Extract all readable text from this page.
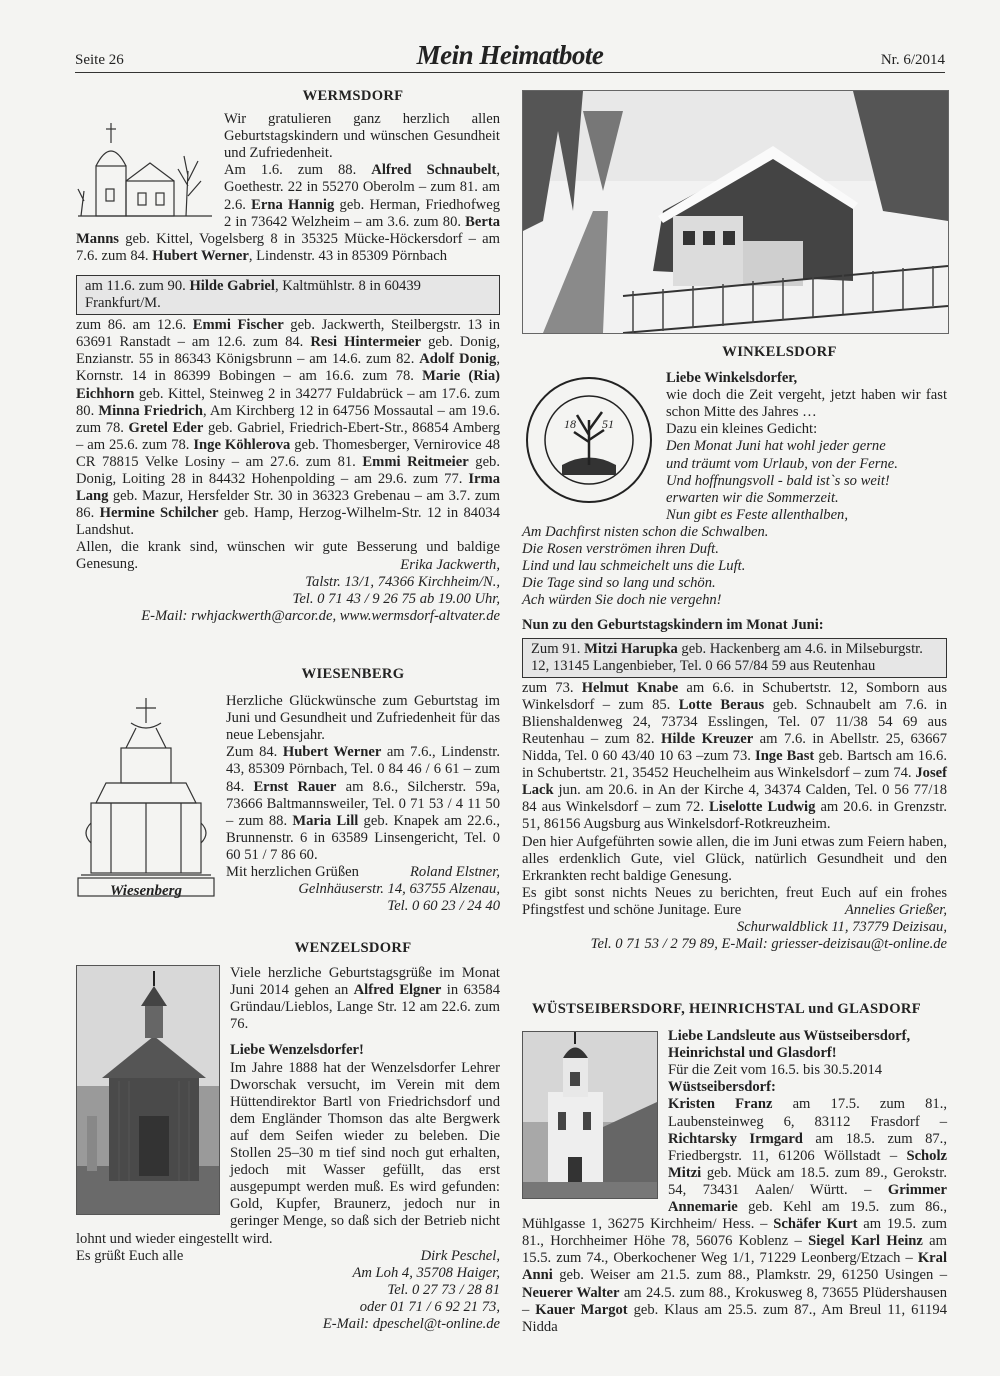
Seite 26	Mein Heimatbote	Nr. 6/2014

WERMSDORF

Wir gratulieren ganz herzlich allen Geburtstagskindern und wünschen Gesundheit und Zufriedenheit.

Am 1.6. zum 88. Alfred Schnaubelt, Goethestr. 22 in 55270 Oberolm – zum 81. am 2.6. Erna Hannig geb. Herman, Friedhofweg 2 in 73642 Welzheim – am 3.6. zum 80. Berta Manns geb. Kittel, Vogelsberg 8 in 35325 Mücke-Höckersdorf – am 7.6. zum 84. Hubert Werner, Lindenstr. 43 in 85309 Pörnbach

am 11.6. zum 90. Hilde Gabriel, Kaltmühlstr. 8 in 60439 Frankfurt/M.

zum 86. am 12.6. Emmi Fischer geb. Jackwerth, Steilbergstr. 13 in 63691 Ranstadt – am 12.6. zum 84. Resi Hintermeier geb. Donig, Enzianstr. 55 in 86343 Königsbrunn – am 14.6. zum 82. Adolf Donig, Kornstr. 14 in 86399 Bobingen – am 16.6. zum 78. Marie (Ria) Eichhorn geb. Kittel, Steinweg 2 in 34277 Fuldabrück – am 17.6. zum 80. Minna Friedrich, Am Kirchberg 12 in 64756 Mossautal – am 19.6. zum 78. Gretel Eder geb. Gabriel, Friedrich-Ebert-Str., 86854 Amberg – am 25.6. zum 78. Inge Köhlerova geb. Thomesberger, Vernirovice 48 CR 78815 Velke Losiny – am 27.6. zum 81. Emmi Reitmeier geb. Donig, Loiting 28 in 84432 Hohenpolding – am 29.6. zum 77. Irma Lang geb. Mazur, Hersfelder Str. 30 in 36323 Grebenau – am 3.7. zum 86. Hermine Schilcher geb. Hamp, Herzog-Wilhelm-Str. 12 in 84034 Landshut.

Allen, die krank sind, wünschen wir gute Besserung und baldige Genesung.	Erika Jackwerth,
Talstr. 13/1, 74366 Kirchheim/N.,
Tel. 0 71 43 / 9 26 75 ab 19.00 Uhr,
E-Mail: rwhjackwerth@arcor.de, www.wermsdorf-altvater.de

WIESENBERG

Wiesenberg

Herzliche Glückwünsche zum Geburtstag im Juni und Gesundheit und Zufriedenheit für das neue Lebensjahr.

Zum 84. Hubert Werner am 7.6., Lindenstr. 43, 85309 Pörnbach, Tel. 0 84 46 / 6 61 – zum 84. Ernst Rauer am 8.6., Silcherstr. 59a, 73666 Baltmannsweiler, Tel. 0 71 53 / 4 11 50 – zum 88. Maria Lill geb. Knapek am 22.6., Brunnenstr. 6 in 63589 Linsengericht, Tel. 0 60 51 / 7 86 60.

Mit herzlichen Grüßen	Roland Elstner,

Gelnhäuserstr. 14, 63755 Alzenau,
Tel. 0 60 23 / 24 40

WENZELSDORF

Viele herzliche Geburtstagsgrüße im Monat Juni 2014 gehen an Alfred Elgner in 63584 Gründau/Lieblos, Lange Str. 12 am 22.6. zum 76.

Liebe Wenzelsdorfer!

Im Jahre 1888 hat der Wenzelsdorfer Lehrer Dworschak versucht, im Verein mit dem Hüttendirektor Bartl von Friedrichsdorf und dem Engländer Thomson das alte Bergwerk auf dem Seifen wieder zu beleben. Die Stollen 25–30 m tief sind noch gut erhalten, jedoch mit Wasser gefüllt, das erst ausgepumpt werden muß. Es wird gefunden: Gold, Kupfer, Braunerz, jedoch nur in geringer Menge, so daß sich der Betrieb nicht lohnt und wieder eingestellt wird.

Es grüßt Euch alle	Dirk Peschel,

Am Loh 4, 35708 Haiger,
Tel. 0 27 73 / 28 81
oder 01 71 / 6 92 21 73,
E-Mail: dpeschel@t-online.de

WINKELSDORF

18 51

Liebe Winkelsdorfer,

wie doch die Zeit vergeht, jetzt haben wir fast schon Mitte des Jahres …

Dazu ein kleines Gedicht:

Den Monat Juni hat wohl jeder gerne
und träumt vom Urlaub, von der Ferne.
Und hoffnungsvoll - bald ist`s so weit!
erwarten wir die Sommerzeit.
Nun gibt es Feste allenthalben,
Am Dachfirst nisten schon die Schwalben.
Die Rosen verströmen ihren Duft.
Lind und lau schmeichelt uns die Luft.
Die Tage sind so lang und schön.
Ach würden Sie doch nie vergehn!

Nun zu den Geburtstagskindern im Monat Juni:

Zum 91. Mitzi Harupka geb. Hackenberg am 4.6. in Milseburgstr. 12, 13145 Langenbieber, Tel. 0 66 57/84 59 aus Reutenhau

zum 73. Helmut Knabe am 6.6. in Schubertstr. 12, Somborn aus Winkelsdorf – zum 85. Lotte Beraus geb. Schnaubelt am 7.6. in Blienshaldenweg 24, 73734 Esslingen, Tel. 07 11/38 54 69 aus Reutenhau – zum 82. Hilde Kreuzer am 7.6. in Abellstr. 25, 63667 Nidda, Tel. 0 60 43/40 10 63 –zum 73. Inge Bast geb. Bartsch am 16.6. in Schubertstr. 21, 35452 Heuchelheim aus Winkelsdorf – zum 74. Josef Lack jun. am 20.6. in An der Kirche 4, 34374 Calden, Tel. 0 56 77/18 84 aus Winkelsdorf – zum 72. Liselotte Ludwig am 20.6. in Grenzstr. 51, 86156 Augsburg aus Winkelsdorf-Rotkreuzheim.

Den hier Aufgeführten sowie allen, die im Juni etwas zum Feiern haben, alles erdenklich Gute, viel Glück, natürlich Gesundheit und den Erkrankten recht baldige Genesung.

Es gibt sonst nichts Neues zu berichten, freut Euch auf ein frohes Pfingstfest und schöne Junitage. Eure	Annelies Grießer,
Schurwaldblick 11, 73779 Deizisau,
Tel. 0 71 53 / 2 79 89, E-Mail: griesser-deizisau@t-online.de

WÜSTSEIBERSDORF, HEINRICHSTAL und GLASDORF

Liebe Landsleute aus Wüstseibersdorf, Heinrichstal und Glasdorf!

Für die Zeit vom 16.5. bis 30.5.2014

Wüstseibersdorf:

Kristen Franz am 17.5. zum 81., Laubensteinweg 6, 83112 Frasdorf – Richtarsky Irmgard am 18.5. zum 87., Friedbergstr. 11, 61206 Wöllstadt – Scholz Mitzi geb. Mück am 18.5. zum 89., Gerokstr. 54, 73431 Aalen/ Württ. – Grimmer Annemarie geb. Kehl am 19.5. zum 86., Mühlgasse 1, 36275 Kirchheim/ Hess. – Schäfer Kurt am 19.5. zum 81., Horchheimer Höhe 78, 56076 Koblenz – Siegel Karl Heinz am 15.5. zum 74., Oberkochener Weg 1/1, 71229 Leonberg/Etzach – Kral Anni geb. Weiser am 21.5. zum 88., Plamkstr. 29, 61250 Usingen – Neuerer Walter am 24.5. zum 88., Krokusweg 8, 73655 Plüdershausen – Kauer Margot geb. Klaus am 25.5. zum 87., Am Breul 11, 61194 Nidda
